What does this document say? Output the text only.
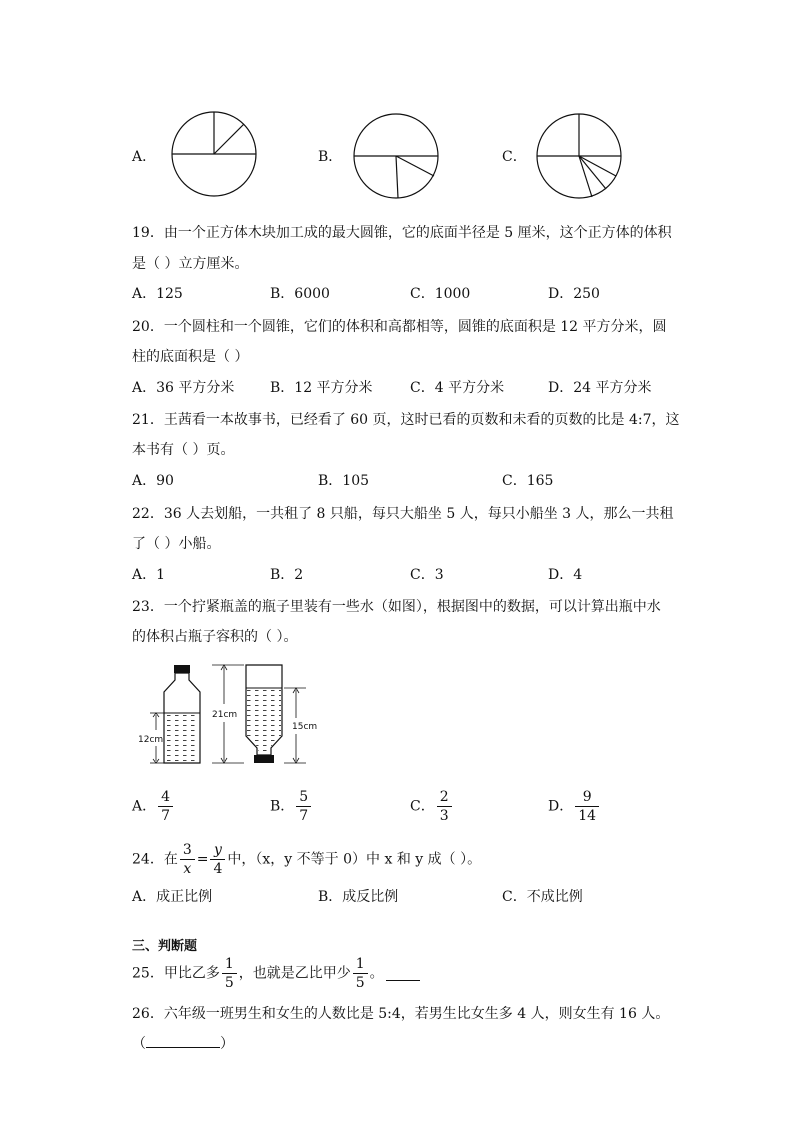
A．	B．	C．
19．由一个正方体木块加工成的最大圆锥，它的底面半径是 5 厘米，这个正方体的体积
是（ ）立方厘米。
A．125	B．6000	C．1000	D．250
20．一个圆柱和一个圆锥，它们的体积和高都相等，圆锥的底面积是 12 平方分米，圆
柱的底面积是（ ）
A．36 平方分米	B．12 平方分米	C．4 平方分米	D．24 平方分米
21．王茜看一本故事书，已经看了 60 页，这时已看的页数和未看的页数的比是 4:7，这
本书有（ ）页。
A．90	B．105	C．165
22．36 人去划船，一共租了 8 只船，每只大船坐 5 人，每只小船坐 3 人，那么一共租
了（ ）小船。
A．1	B．2	C．3	D．4
23．一个拧紧瓶盖的瓶子里装有一些水（如图），根据图中的数据，可以计算出瓶中水
的体积占瓶子容积的（ ）。
12cm
21cm
15cm
A． $\frac{4}{7}$	B． $\frac{5}{7}$	C． $\frac{2}{3}$	D． $\frac{9}{14}$
24．在 $\frac{3}{x} = \frac{y}{4}$ 中，（x，y 不等于 0）中 x 和 y 成（ ）。
A．成正比例	B．成反比例	C．不成比例
三、判断题
25．甲比乙多 $\frac{1}{5}$ ，也就是乙比甲少 $\frac{1}{5}$ 。
26．六年级一班男生和女生的人数比是 5:4，若男生比女生多 4 人，则女生有 16 人。
（	）
